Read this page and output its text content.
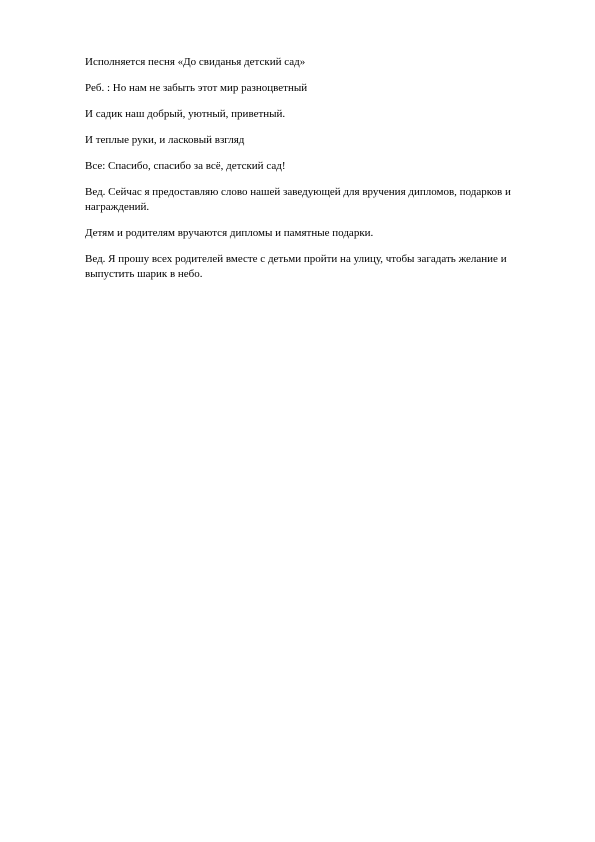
Исполняется песня «До свиданья детский сад»

Реб. : Но нам не забыть этот мир разноцветный

И садик наш добрый, уютный, приветный.

И теплые руки, и ласковый взгляд

Все: Спасибо, спасибо за всё, детский сад!

Вед. Сейчас я предоставляю слово нашей заведующей для вручения дипломов, подарков и награждений.

Детям и родителям вручаются дипломы и памятные подарки.

Вед. Я прошу всех родителей вместе с детьми пройти на улицу, чтобы загадать желание и выпустить шарик в небо.
